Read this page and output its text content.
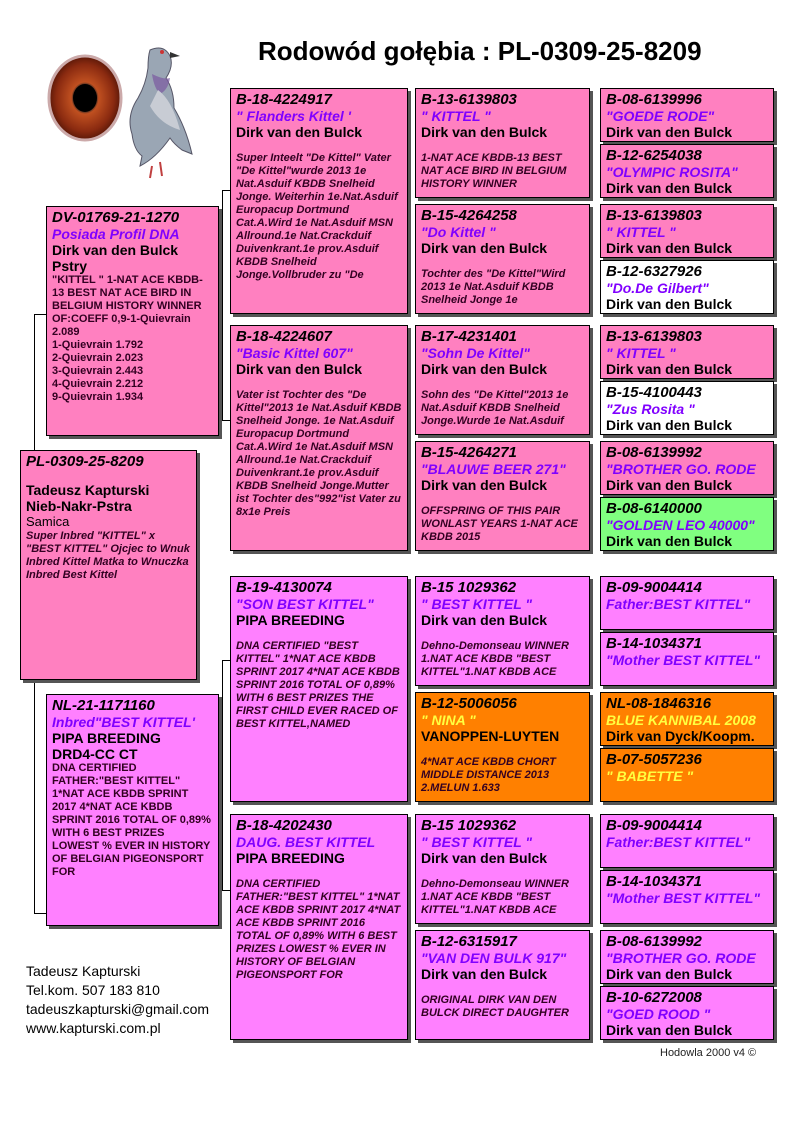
Rodowód gołębia : PL-0309-25-8209
PL-0309-25-8209
Tadeusz Kapturski
Nieb-Nakr-Pstra
Samica
Super Inbred "KITTEL" x "BEST KITTEL" Ojcjec to Wnuk Inbred Kittel Matka to Wnuczka Inbred Best Kittel
DV-01769-21-1270
Posiada Profil DNA
Dirk van den Bulck
Pstry
"KITTEL " 1-NAT ACE KBDB-13 BEST NAT ACE BIRD IN BELGIUM HISTORY WINNER OF:COEFF 0,9-1-Quievrain 2.089
1-Quievrain 1.792
2-Quievrain 2.023
3-Quievrain 2.443
4-Quievrain 2.212
9-Quievrain 1.934
NL-21-1171160
Inbred"BEST KITTEL'
PIPA BREEDING
DRD4-CC CT
DNA CERTIFIED FATHER:"BEST KITTEL" 1*NAT ACE KBDB SPRINT 2017 4*NAT ACE KBDB SPRINT 2016 TOTAL OF 0,89% WITH 6 BEST PRIZES LOWEST % EVER IN HISTORY OF BELGIAN PIGEONSPORT FOR
B-18-4224917
" Flanders Kittel '
Dirk van den Bulck
Super Inteelt "De Kittel" Vater "De Kittel"wurde 2013 1e Nat.Asduif KBDB Snelheid Jonge. Weiterhin 1e.Nat.Asduif Europacup Dortmund Cat.A.Wird 1e Nat.Asduif MSN Allround.1e Nat.Crackduif Duivenkrant.1e prov.Asduif KBDB Snelheid Jonge.Vollbruder zu "De
B-18-4224607
"Basic Kittel 607"
Dirk van den Bulck
Vater ist Tochter des "De Kittel"2013 1e Nat.Asduif KBDB Snelheid Jonge. 1e Nat.Asduif Europacup Dortmund Cat.A.Wird 1e Nat.Asduif MSN Allround.1e Nat.Crackduif Duivenkrant.1e prov.Asduif KBDB Snelheid Jonge.Mutter ist Tochter des"992"ist Vater zu 8x1e Preis
B-19-4130074
"SON BEST KITTEL"
PIPA BREEDING
DNA CERTIFIED "BEST KITTEL" 1*NAT ACE KBDB SPRINT 2017 4*NAT ACE KBDB SPRINT 2016 TOTAL OF 0,89% WITH 6 BEST PRIZES THE FIRST CHILD EVER RACED OF BEST KITTEL,NAMED
B-18-4202430
DAUG. BEST KITTEL
PIPA BREEDING
DNA CERTIFIED FATHER:"BEST KITTEL" 1*NAT ACE KBDB SPRINT 2017 4*NAT ACE KBDB SPRINT 2016 TOTAL OF 0,89% WITH 6 BEST PRIZES LOWEST % EVER IN HISTORY OF BELGIAN PIGEONSPORT FOR
B-13-6139803
" KITTEL "
Dirk van den Bulck
1-NAT ACE KBDB-13 BEST NAT ACE BIRD IN BELGIUM HISTORY WINNER
B-15-4264258
"Do Kittel "
Dirk van den Bulck
Tochter des "De Kittel"Wird 2013 1e Nat.Asduif KBDB Snelheid Jonge 1e
B-17-4231401
"Sohn De Kittel"
Dirk van den Bulck
Sohn des "De Kittel"2013 1e Nat.Asduif KBDB Snelheid Jonge.Wurde 1e Nat.Asduif
B-15-4264271
"BLAUWE BEER 271"
Dirk van den Bulck
OFFSPRING OF THIS PAIR WONLAST YEARS 1-NAT ACE KBDB 2015
B-15 1029362
" BEST KITTEL "
Dirk van den Bulck
Dehno-Demonseau WINNER 1.NAT ACE KBDB "BEST KITTEL"1.NAT KBDB ACE
B-12-5006056
" NINA "
VANOPPEN-LUYTEN
4*NAT ACE KBDB CHORT MIDDLE DISTANCE 2013 2.MELUN 1.633
B-15 1029362
" BEST KITTEL "
Dirk van den Bulck
Dehno-Demonseau WINNER 1.NAT ACE KBDB "BEST KITTEL"1.NAT KBDB ACE
B-12-6315917
"VAN DEN BULK 917"
Dirk van den Bulck
ORIGINAL DIRK VAN DEN BULCK DIRECT DAUGHTER
B-08-6139996
"GOEDE RODE"
Dirk van den Bulck
B-12-6254038
"OLYMPIC ROSITA"
Dirk van den Bulck
B-13-6139803
" KITTEL "
Dirk van den Bulck
B-12-6327926
"Do.De Gilbert"
Dirk van den Bulck
B-13-6139803
" KITTEL "
Dirk van den Bulck
B-15-4100443
"Zus Rosita "
Dirk van den Bulck
B-08-6139992
"BROTHER GO. RODE
Dirk van den Bulck
B-08-6140000
"GOLDEN LEO 40000"
Dirk van den Bulck
B-09-9004414
Father:BEST KITTEL"
B-14-1034371
"Mother BEST KITTEL"
NL-08-1846316
BLUE KANNIBAL 2008
Dirk van Dyck/Koopm.
B-07-5057236
" BABETTE "
B-09-9004414
Father:BEST KITTEL"
B-14-1034371
"Mother BEST KITTEL"
B-08-6139992
"BROTHER GO. RODE
Dirk van den Bulck
B-10-6272008
"GOED ROOD "
Dirk van den Bulck
Tadeusz Kapturski
Tel.kom. 507 183 810
tadeuszkapturski@gmail.com
www.kapturski.com.pl
Hodowla 2000 v4 ©
